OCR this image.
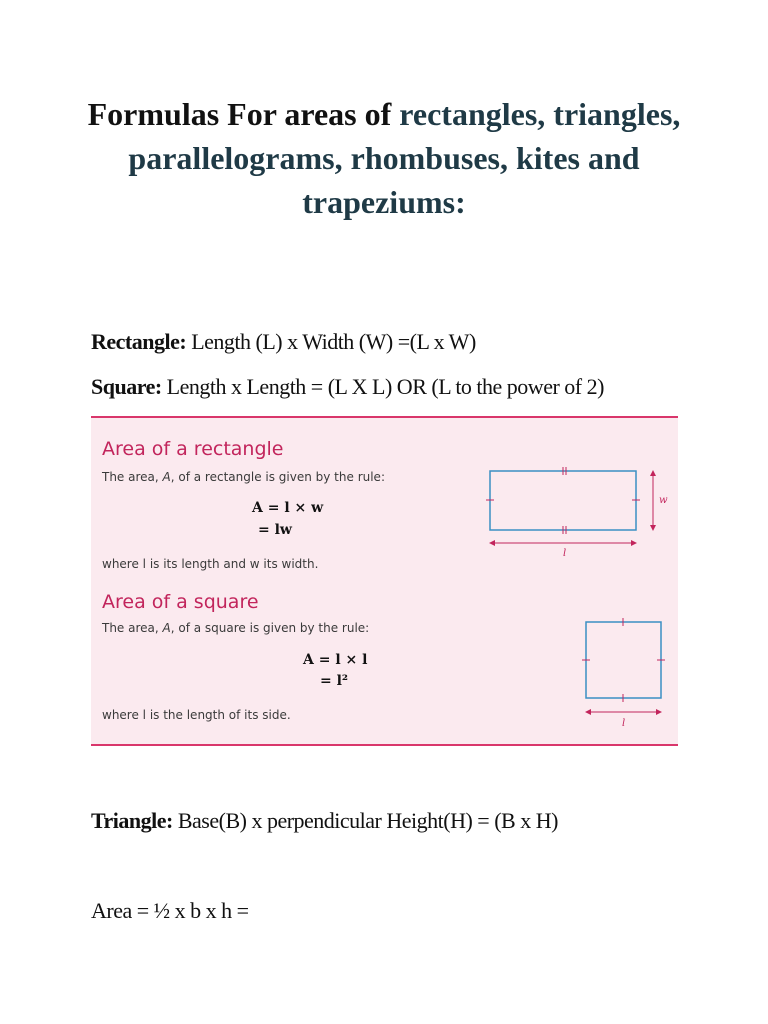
Formulas For areas of rectangles, triangles,
parallelograms, rhombuses, kites and
trapeziums:
Rectangle: Length (L) x Width (W) =(L x W)
Square: Length x Length = (L X L) OR (L to the power of 2)
Area of a rectangle
The area, A, of a rectangle is given by the rule:
A = l × w
= lw
where l is its length and w its width.
Area of a square
The area, A, of a square is given by the rule:
A = l × l
= l²
where l is the length of its side.
w
l
l
Triangle: Base(B) x perpendicular Height(H) = (B x H)
Area = ½ x b x h =
